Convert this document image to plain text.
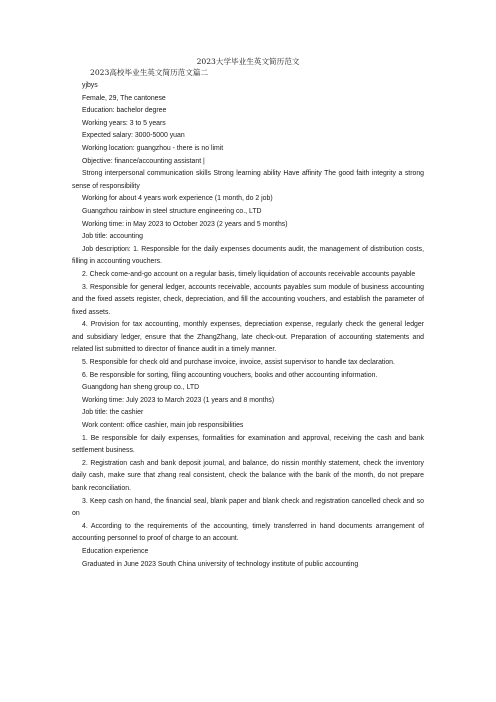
2023大学毕业生英文简历范文
2023高校毕业生英文简历范文篇二

yjbys

Female, 29, The cantonese

Education: bachelor degree

Working years: 3 to 5 years

Expected salary: 3000-5000 yuan

Working location: guangzhou - there is no limit

Objective: finance/accounting assistant |

Strong interpersonal communication skills Strong learning ability Have affinity The good faith integrity a strong sense of responsibility

Working for about 4 years work experience (1 month, do 2 job)

Guangzhou rainbow in steel structure engineering co., LTD

Working time: in May 2023 to October 2023 (2 years and 5 months)

Job title: accounting

Job description: 1. Responsible for the daily expenses documents audit, the management of distribution costs, filling in accounting vouchers.

2. Check come-and-go account on a regular basis, timely liquidation of accounts receivable accounts payable

3. Responsible for general ledger, accounts receivable, accounts payables sum module of business accounting and the fixed assets register, check, depreciation, and fill the accounting vouchers, and establish the parameter of fixed assets.

4. Provision for tax accounting, monthly expenses, depreciation expense, regularly check the general ledger and subsidiary ledger, ensure that the ZhangZhang, late check-out. Preparation of accounting statements and related list submitted to director of finance audit in a timely manner.

5. Responsible for check old and purchase invoice, invoice, assist supervisor to handle tax declaration.

6. Be responsible for sorting, filing accounting vouchers, books and other accounting information.

Guangdong han sheng group co., LTD

Working time: July 2023 to March 2023 (1 years and 8 months)

Job title: the cashier

Work content: office cashier, main job responsibilities

1. Be responsible for daily expenses, formalities for examination and approval, receiving the cash and bank settlement business.

2. Registration cash and bank deposit journal, and balance, do nissin monthly statement, check the inventory daily cash, make sure that zhang real consistent, check the balance with the bank of the month, do not prepare bank reconciliation.

3. Keep cash on hand, the financial seal, blank paper and blank check and registration cancelled check and so on

4. According to the requirements of the accounting, timely transferred in hand documents arrangement of accounting personnel to proof of charge to an account.

Education experience

Graduated in June 2023 South China university of technology institute of public accounting
